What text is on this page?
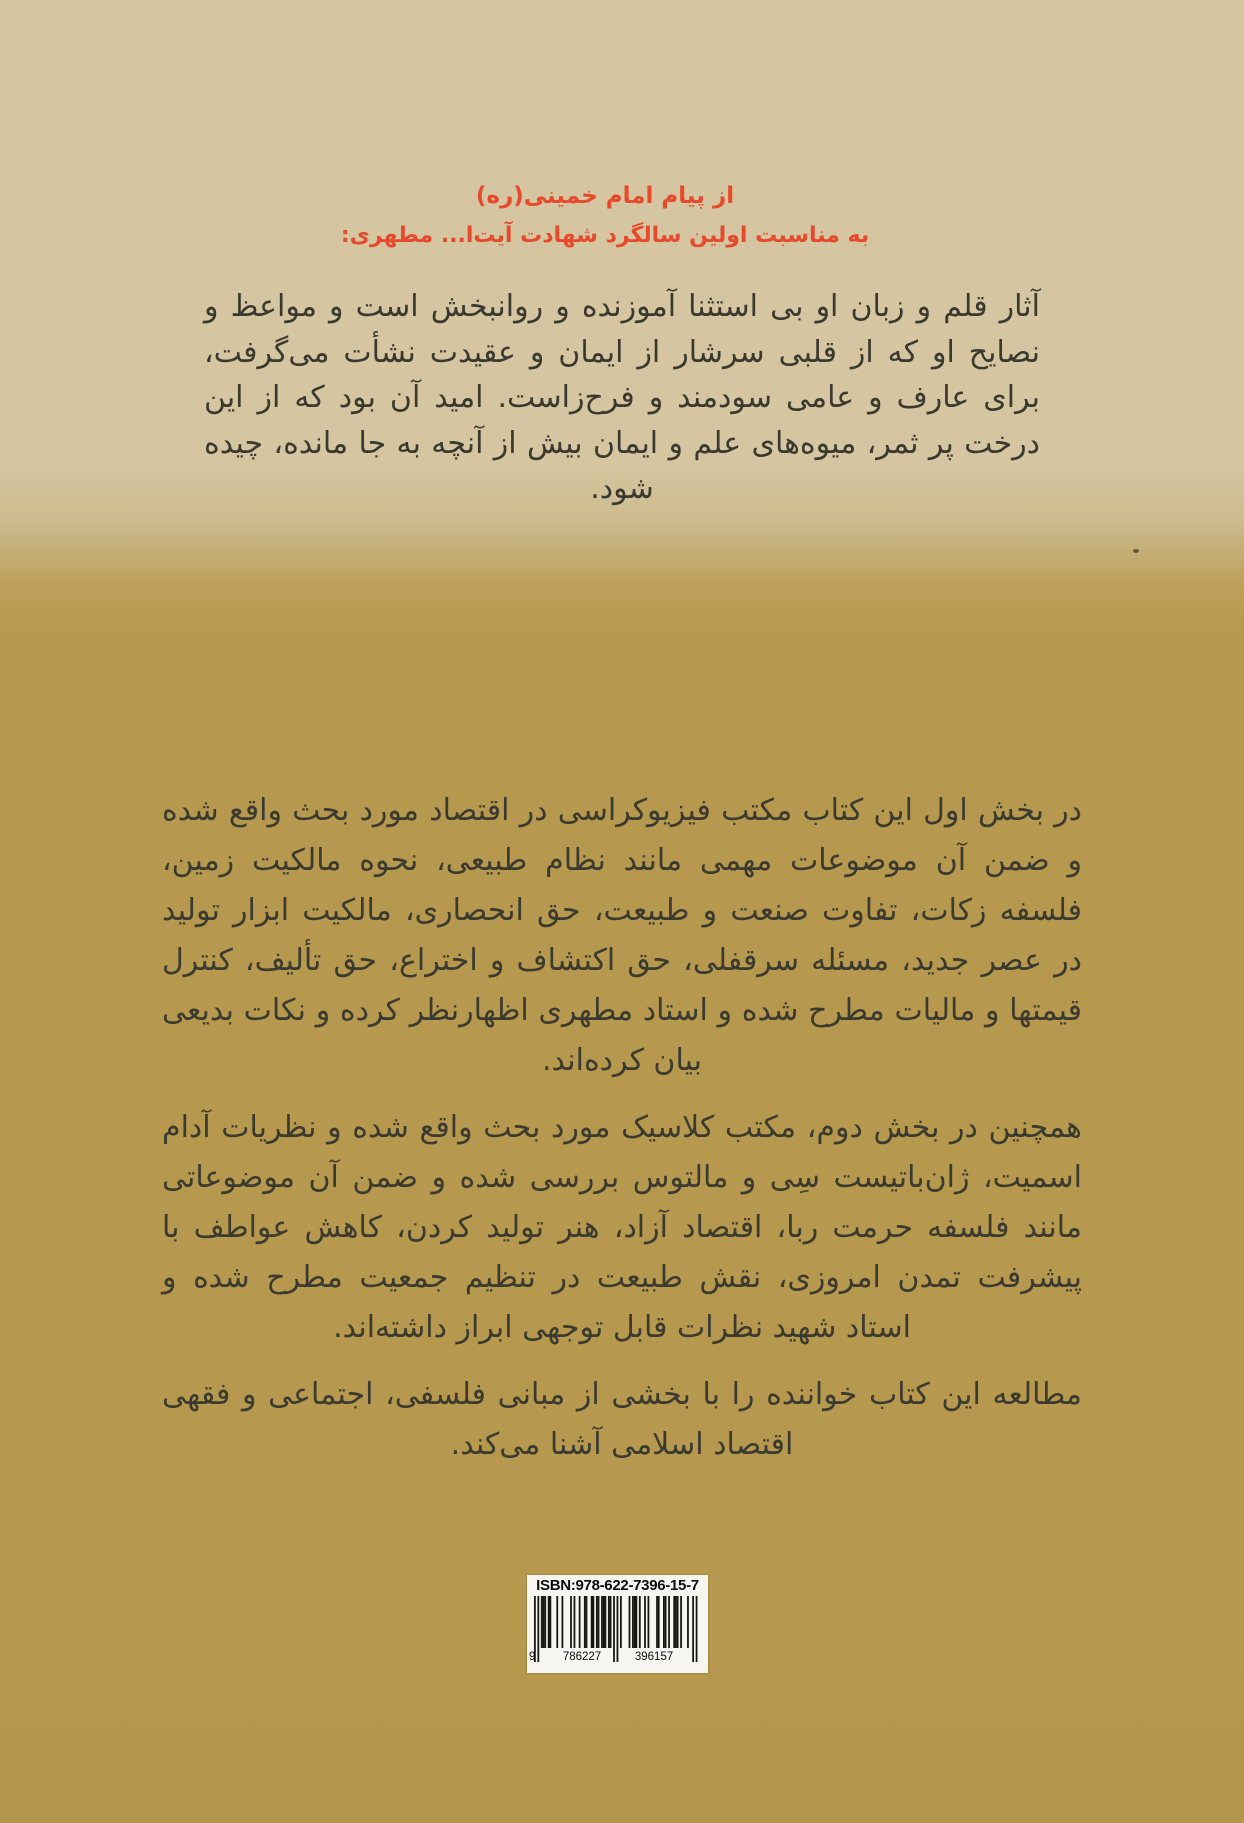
از پیام امام خمینی(ره)
به مناسبت اولین سالگرد شهادت آیت‌ا... مطهری:

آثار قلم و زبان او بی استثنا آموزنده و روانبخش است و مواعظ و نصایح او که از قلبی سرشار از ایمان و عقیدت نشأت می‌گرفت، برای عارف و عامی سودمند و فرح‌زاست. امید آن بود که از این درخت پر ثمر، میوه‌های علم و ایمان بیش از آنچه به جا مانده، چیده شود.

در بخش اول این کتاب مکتب فیزیوکراسی در اقتصاد مورد بحث واقع شده و ضمن آن موضوعات مهمی مانند نظام طبیعی، نحوه مالکیت زمین، فلسفه زکات، تفاوت صنعت و طبیعت، حق انحصاری، مالکیت ابزار تولید در عصر جدید، مسئله سرقفلی، حق اکتشاف و اختراع، حق تألیف، کنترل قیمتها و مالیات مطرح شده و استاد مطهری اظهارنظر کرده و نکات بدیعی بیان کرده‌اند.

همچنین در بخش دوم، مکتب کلاسیک مورد بحث واقع شده و نظریات آدام اسمیت، ژان‌باتیست سِی و مالتوس بررسی شده و ضمن آن موضوعاتی مانند فلسفه حرمت ربا، اقتصاد آزاد، هنر تولید کردن، کاهش عواطف با پیشرفت تمدن امروزی، نقش طبیعت در تنظیم جمعیت مطرح شده و استاد شهید نظرات قابل توجهی ابراز داشته‌اند.

مطالعه این کتاب خواننده را با بخشی از مبانی فلسفی، اجتماعی و فقهی اقتصاد اسلامی آشنا می‌کند.

ISBN:978-622-7396-15-7
9	786227	396157
